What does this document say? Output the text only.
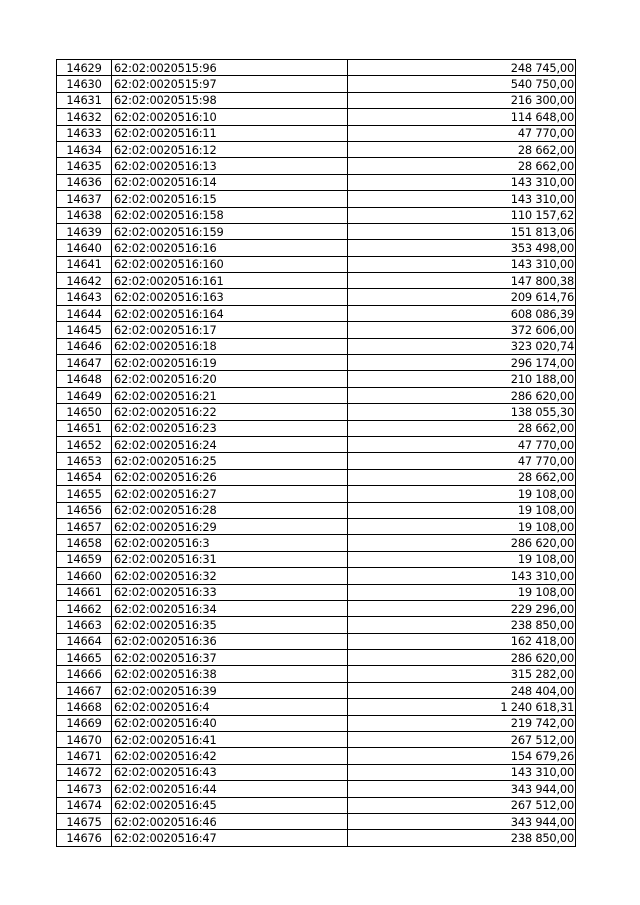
14629	62:02:0020515:96	248 745,00
14630	62:02:0020515:97	540 750,00
14631	62:02:0020515:98	216 300,00
14632	62:02:0020516:10	114 648,00
14633	62:02:0020516:11	47 770,00
14634	62:02:0020516:12	28 662,00
14635	62:02:0020516:13	28 662,00
14636	62:02:0020516:14	143 310,00
14637	62:02:0020516:15	143 310,00
14638	62:02:0020516:158	110 157,62
14639	62:02:0020516:159	151 813,06
14640	62:02:0020516:16	353 498,00
14641	62:02:0020516:160	143 310,00
14642	62:02:0020516:161	147 800,38
14643	62:02:0020516:163	209 614,76
14644	62:02:0020516:164	608 086,39
14645	62:02:0020516:17	372 606,00
14646	62:02:0020516:18	323 020,74
14647	62:02:0020516:19	296 174,00
14648	62:02:0020516:20	210 188,00
14649	62:02:0020516:21	286 620,00
14650	62:02:0020516:22	138 055,30
14651	62:02:0020516:23	28 662,00
14652	62:02:0020516:24	47 770,00
14653	62:02:0020516:25	47 770,00
14654	62:02:0020516:26	28 662,00
14655	62:02:0020516:27	19 108,00
14656	62:02:0020516:28	19 108,00
14657	62:02:0020516:29	19 108,00
14658	62:02:0020516:3	286 620,00
14659	62:02:0020516:31	19 108,00
14660	62:02:0020516:32	143 310,00
14661	62:02:0020516:33	19 108,00
14662	62:02:0020516:34	229 296,00
14663	62:02:0020516:35	238 850,00
14664	62:02:0020516:36	162 418,00
14665	62:02:0020516:37	286 620,00
14666	62:02:0020516:38	315 282,00
14667	62:02:0020516:39	248 404,00
14668	62:02:0020516:4	1 240 618,31
14669	62:02:0020516:40	219 742,00
14670	62:02:0020516:41	267 512,00
14671	62:02:0020516:42	154 679,26
14672	62:02:0020516:43	143 310,00
14673	62:02:0020516:44	343 944,00
14674	62:02:0020516:45	267 512,00
14675	62:02:0020516:46	343 944,00
14676	62:02:0020516:47	238 850,00
